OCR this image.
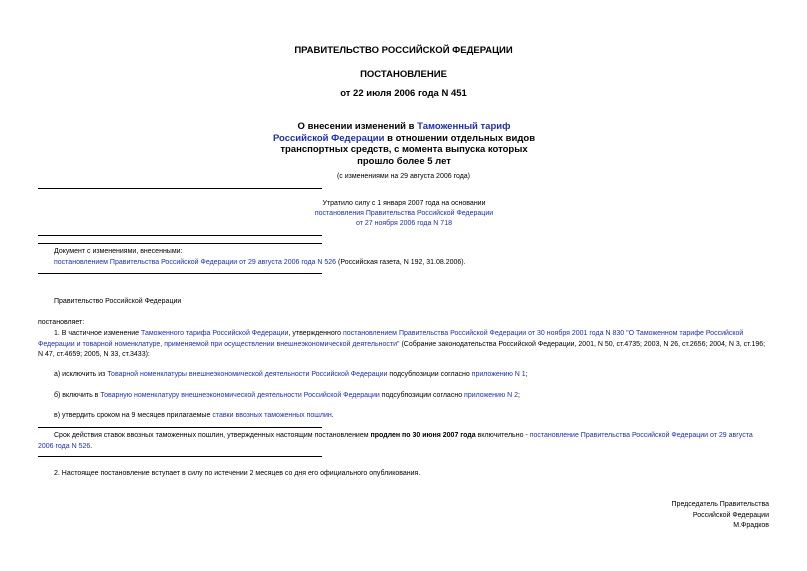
ПРАВИТЕЛЬСТВО РОССИЙСКОЙ ФЕДЕРАЦИИ
ПОСТАНОВЛЕНИЕ
от 22 июля 2006 года N 451
О внесении изменений в Таможенный тариф Российской Федерации в отношении отдельных видов транспортных средств, с момента выпуска которых прошло более 5 лет
(с изменениями на 29 августа 2006 года)
Утратило силу с 1 января 2007 года на основании
постановления Правительства Российской Федерации
от 27 ноября 2006 года N 718
Документ с изменениями, внесенными:
постановлением Правительства Российской Федерации от 29 августа 2006 года N 526 (Российская газета, N 192, 31.08.2006).
Правительство Российской Федерации
постановляет:
1. В частичное изменение Таможенного тарифа Российской Федерации, утвержденного постановлением Правительства Российской Федерации от 30 ноября 2001 года N 830 "О Таможенном тарифе Российской Федерации и товарной номенклатуре, применяемой при осуществлении внешнеэкономической деятельности" (Собрание законодательства Российской Федерации, 2001, N 50, ст.4735; 2003, N 26, ст.2656; 2004, N 3, ст.196; N 47, ст.4659; 2005, N 33, ст.3433):
а) исключить из Товарной номенклатуры внешнеэкономической деятельности Российской Федерации подсубпозиции согласно приложению N 1;
б) включить в Товарную номенклатуру внешнеэкономической деятельности Российской Федерации подсубпозиции согласно приложению N 2;
в) утвердить сроком на 9 месяцев прилагаемые ставки ввозных таможенных пошлин.
Срок действия ставок ввозных таможенных пошлин, утвержденных настоящим постановлением продлен по 30 июня 2007 года включительно - постановление Правительства Российской Федерации от 29 августа 2006 года N 526.
2. Настоящее постановление вступает в силу по истечении 2 месяцев со дня его официального опубликования.
Председатель Правительства
Российской Федерации
М.Фрадков
